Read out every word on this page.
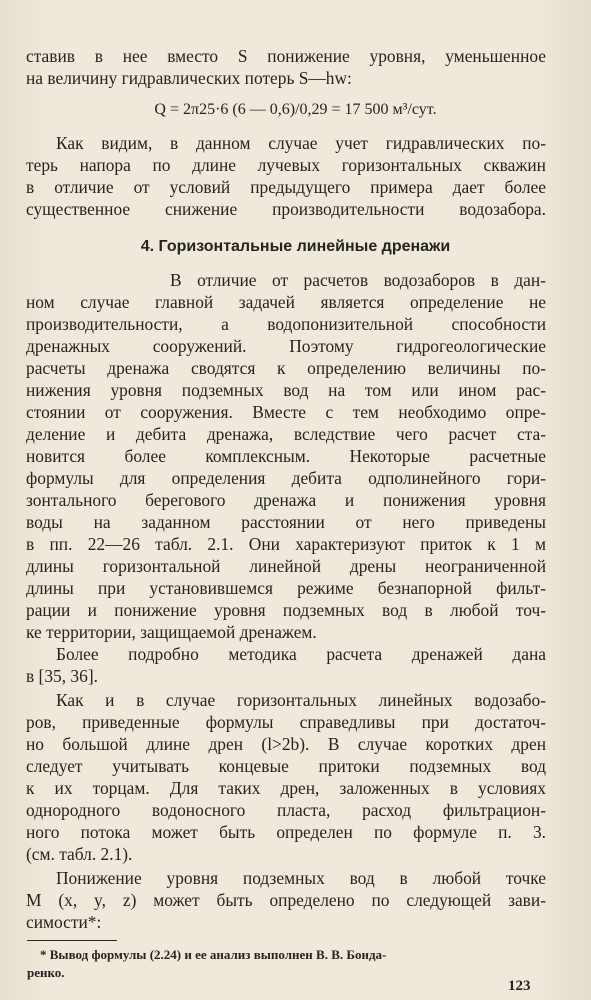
ставив в нее вместо S понижение уровня, уменьшенное
на величину гидравлических потерь S—hw:
Q = 2π25·6 (6 — 0,6)/0,29 = 17 500 м³/сут.
Как видим, в данном случае учет гидравлических по-
терь напора по длине лучевых горизонтальных скважин
в отличие от условий предыдущего примера дает более
существенное снижение производительности водозабора.
4. Горизонтальные линейные дренажи
В отличие от расчетов водозаборов в дан-
ном случае главной задачей является определение не
производительности, а водопонизительной способности
дренажных сооружений. Поэтому гидрогеологические
расчеты дренажа сводятся к определению величины по-
нижения уровня подземных вод на том или ином рас-
стоянии от сооружения. Вместе с тем необходимо опре-
деление и дебита дренажа, вследствие чего расчет ста-
новится более комплексным. Некоторые расчетные
формулы для определения дебита одполинейного гори-
зонтального берегового дренажа и понижения уровня
воды на заданном расстоянии от него приведены
в пп. 22—26 табл. 2.1. Они характеризуют приток к 1 м
длины горизонтальной линейной дрены неограниченной
длины при установившемся режиме безнапорной фильт-
рации и понижение уровня подземных вод в любой точ-
ке территории, защищаемой дренажем.
Более подробно методика расчета дренажей дана
в [35, 36].
Как и в случае горизонтальных линейных водозабо-
ров, приведенные формулы справедливы при достаточ-
но большой длине дрен (l>2b). В случае коротких дрен
следует учитывать концевые притоки подземных вод
к их торцам. Для таких дрен, заложенных в условиях
однородного водоносного пласта, расход фильтрацион-
ного потока может быть определен по формуле п. 3.
(см. табл. 2.1).
Понижение уровня подземных вод в любой точке
M (x, y, z) может быть определено по следующей зави-
симости*:
* Вывод формулы (2.24) и ее анализ выполнен В. В. Бонда-
ренко.
123
